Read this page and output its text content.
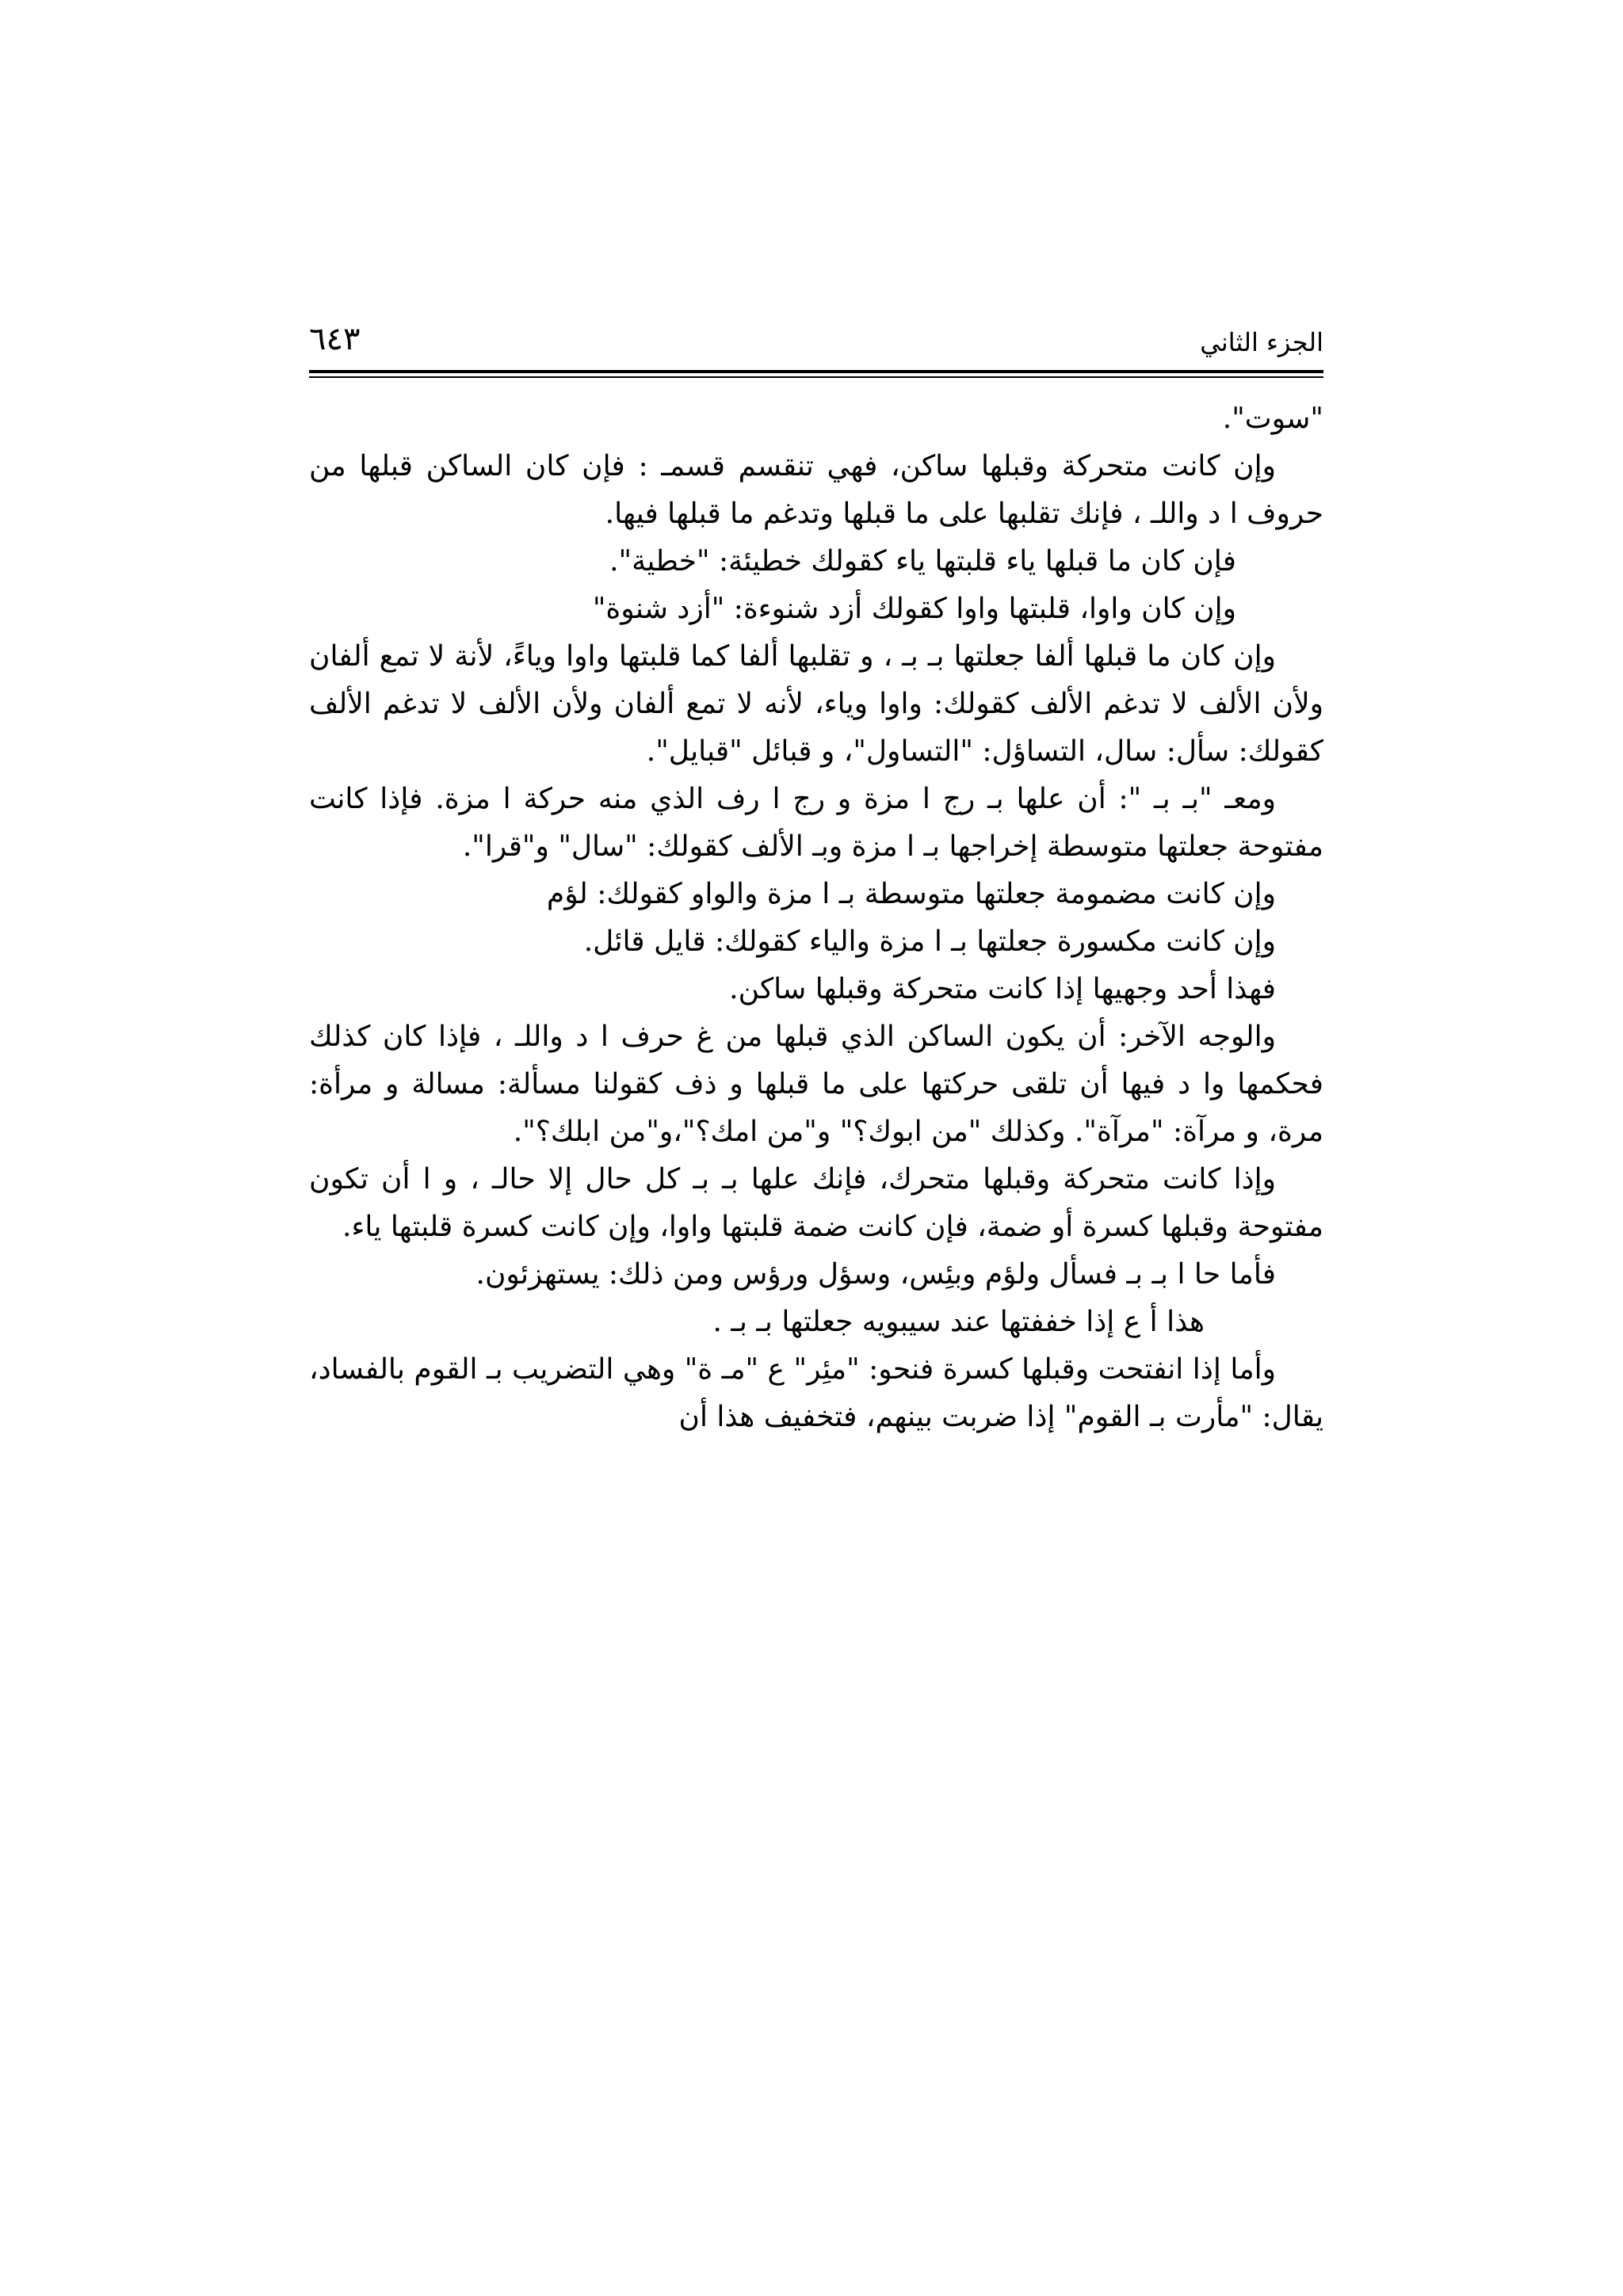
الجزء الثاني
٦٤٣

"سوت".

وإن كانت متحركة وقبلها ساكن، فهي تنقسم قسمـ : فإن كان الساكن قبلها من حروف ا د واللـ ، فإنك تقلبها على ما قبلها وتدغم ما قبلها فيها.

فإن كان ما قبلها ياء قلبتها ياء كقولك خطيئة: "خطية".

وإن كان واوا، قلبتها واوا كقولك أزد شنوءة: "أزد شنوة"

وإن كان ما قبلها ألفا جعلتها بـ بـ ، و تقلبها ألفا كما قلبتها واوا وياءً، لأنة لا تمع ألفان ولأن الألف لا تدغم الألف كقولك: واوا وياء، لأنه لا تمع ألفان ولأن الألف لا تدغم الألف كقولك: سأل: سال، التساؤل: "التساول"، و قبائل "قبايل".

ومعـ "بـ بـ ": أن علها بـ رج ا مزة و رج ا رف الذي منه حركة ا مزة. فإذا كانت مفتوحة جعلتها متوسطة إخراجها بـ ا مزة وبـ الألف كقولك: "سال" و"قرا".

وإن كانت مضمومة جعلتها متوسطة بـ ا مزة والواو كقولك: لؤم

وإن كانت مكسورة جعلتها بـ ا مزة والياء كقولك: قايل قائل.

فهذا أحد وجهيها إذا كانت متحركة وقبلها ساكن.

والوجه الآخر: أن يكون الساكن الذي قبلها من غ حرف ا د واللـ ، فإذا كان كذلك فحكمها وا د فيها أن تلقى حركتها على ما قبلها و ذف كقولنا مسألة: مسالة و مرأة: مرة، و مرآة: "مرآة". وكذلك "من ابوك؟" و"من امك؟"،و"من ابلك؟".

وإذا كانت متحركة وقبلها متحرك، فإنك علها بـ بـ كل حال إلا حالـ ، و ا أن تكون مفتوحة وقبلها كسرة أو ضمة، فإن كانت ضمة قلبتها واوا، وإن كانت كسرة قلبتها ياء.

فأما حا ا بـ بـ فسأل ولؤم وبئِس، وسؤل ورؤس ومن ذلك: يستهزئون.

هذا أ ع إذا خففتها عند سيبويه جعلتها بـ بـ .

وأما إذا انفتحت وقبلها كسرة فنحو: "مئِر" ع "مـ ة" وهي التضريب بـ القوم بالفساد، يقال: "مأرت بـ القوم" إذا ضربت بينهم، فتخفيف هذا أن
